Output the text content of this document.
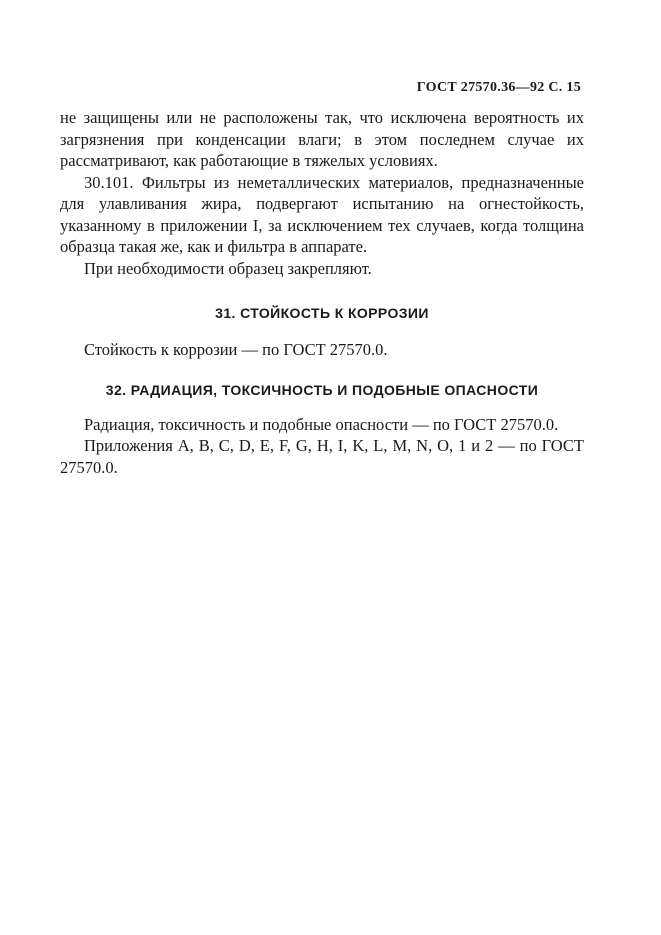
ГОСТ 27570.36—92 С. 15

не защищены или не расположены так, что исключена вероятность их загрязнения при конденсации влаги; в этом последнем случае их рассматривают, как работающие в тяжелых условиях.

30.101. Фильтры из неметаллических материалов, предназначенные для улавливания жира, подвергают испытанию на огнестойкость, указанному в приложении I, за исключением тех случаев, когда толщина образца такая же, как и фильтра в аппарате.

При необходимости образец закрепляют.

31. СТОЙКОСТЬ К КОРРОЗИИ

Стойкость к коррозии — по ГОСТ 27570.0.

32. РАДИАЦИЯ, ТОКСИЧНОСТЬ И ПОДОБНЫЕ ОПАСНОСТИ

Радиация, токсичность и подобные опасности — по ГОСТ 27570.0.

Приложения A, B, C, D, E, F, G, H, I, K, L, M, N, O, 1 и 2 — по ГОСТ 27570.0.
